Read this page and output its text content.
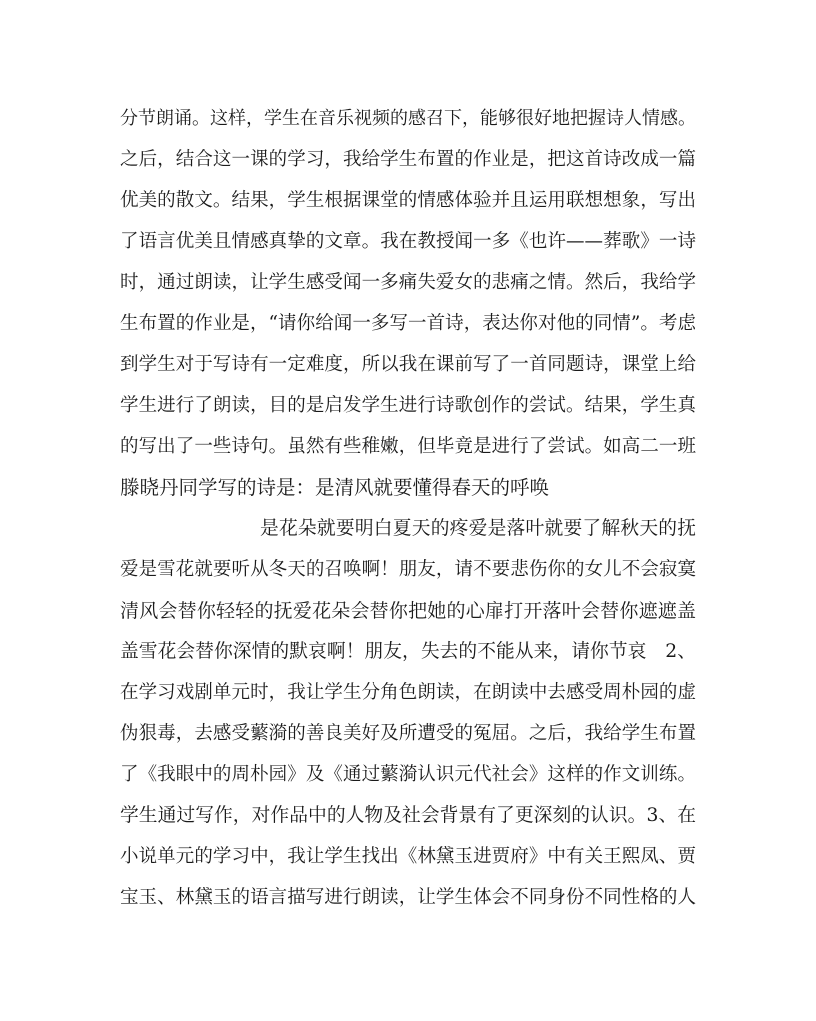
分节朗诵。这样，学生在音乐视频的感召下，能够很好地把握诗人情感。
之后，结合这一课的学习，我给学生布置的作业是，把这首诗改成一篇
优美的散文。结果，学生根据课堂的情感体验并且运用联想想象，写出
了语言优美且情感真挚的文章。我在教授闻一多《也许——葬歌》一诗
时，通过朗读，让学生感受闻一多痛失爱女的悲痛之情。然后，我给学
生布置的作业是，“请你给闻一多写一首诗，表达你对他的同情”。考虑
到学生对于写诗有一定难度，所以我在课前写了一首同题诗，课堂上给
学生进行了朗读，目的是启发学生进行诗歌创作的尝试。结果，学生真
的写出了一些诗句。虽然有些稚嫩，但毕竟是进行了尝试。如高二一班
滕晓丹同学写的诗是：是清风就要懂得春天的呼唤
是花朵就要明白夏天的疼爱是落叶就要了解秋天的抚
爱是雪花就要听从冬天的召唤啊！朋友，请不要悲伤你的女儿不会寂寞
清风会替你轻轻的抚爱花朵会替你把她的心扉打开落叶会替你遮遮盖
盖雪花会替你深情的默哀啊！朋友，失去的不能从来，请你节哀　2、
在学习戏剧单元时，我让学生分角色朗读，在朗读中去感受周朴园的虚
伪狠毒，去感受蘩漪的善良美好及所遭受的冤屈。之后，我给学生布置
了《我眼中的周朴园》及《通过蘩漪认识元代社会》这样的作文训练。
学生通过写作，对作品中的人物及社会背景有了更深刻的认识。3、在
小说单元的学习中，我让学生找出《林黛玉进贾府》中有关王熙凤、贾
宝玉、林黛玉的语言描写进行朗读，让学生体会不同身份不同性格的人
